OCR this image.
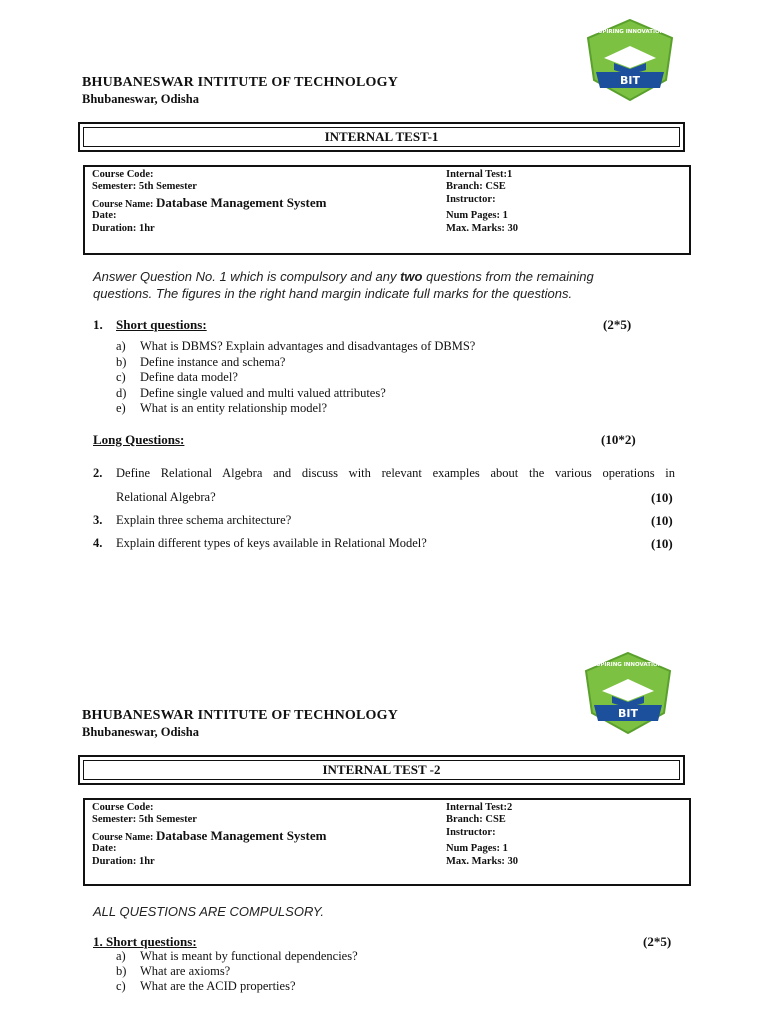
INSPIRING INNOVATIONS
BIT
BHUBANESWAR INTITUTE OF TECHNOLOGY
Bhubaneswar, Odisha
INTERNAL TEST-1
Course Code:
Semester: 5th Semester
Course Name: Database Management System
Date:
Duration: 1hr
Internal Test:1
Branch: CSE
Instructor:
Num Pages: 1
Max. Marks: 30
Answer Question No. 1 which is compulsory and any two questions from the remaining
questions. The figures in the right hand margin indicate full marks for the questions.
1. Short questions:	(2*5)
a) What is DBMS? Explain advantages and disadvantages of DBMS?
b) Define instance and schema?
c) Define data model?
d) Define single valued and multi valued attributes?
e) What is an entity relationship model?
Long Questions:	(10*2)
2. Define Relational Algebra and discuss with relevant examples about the various operations in
Relational Algebra?	(10)
3. Explain three schema architecture?	(10)
4. Explain different types of keys available in Relational Model?	(10)
INSPIRING INNOVATIONS
BIT
BHUBANESWAR INTITUTE OF TECHNOLOGY
Bhubaneswar, Odisha
INTERNAL TEST -2
Course Code:
Semester: 5th Semester
Course Name: Database Management System
Date:
Duration: 1hr
Internal Test:2
Branch: CSE
Instructor:
Num Pages: 1
Max. Marks: 30
ALL QUESTIONS ARE COMPULSORY.
1. Short questions:	(2*5)
a) What is meant by functional dependencies?
b) What are axioms?
c) What are the ACID properties?
